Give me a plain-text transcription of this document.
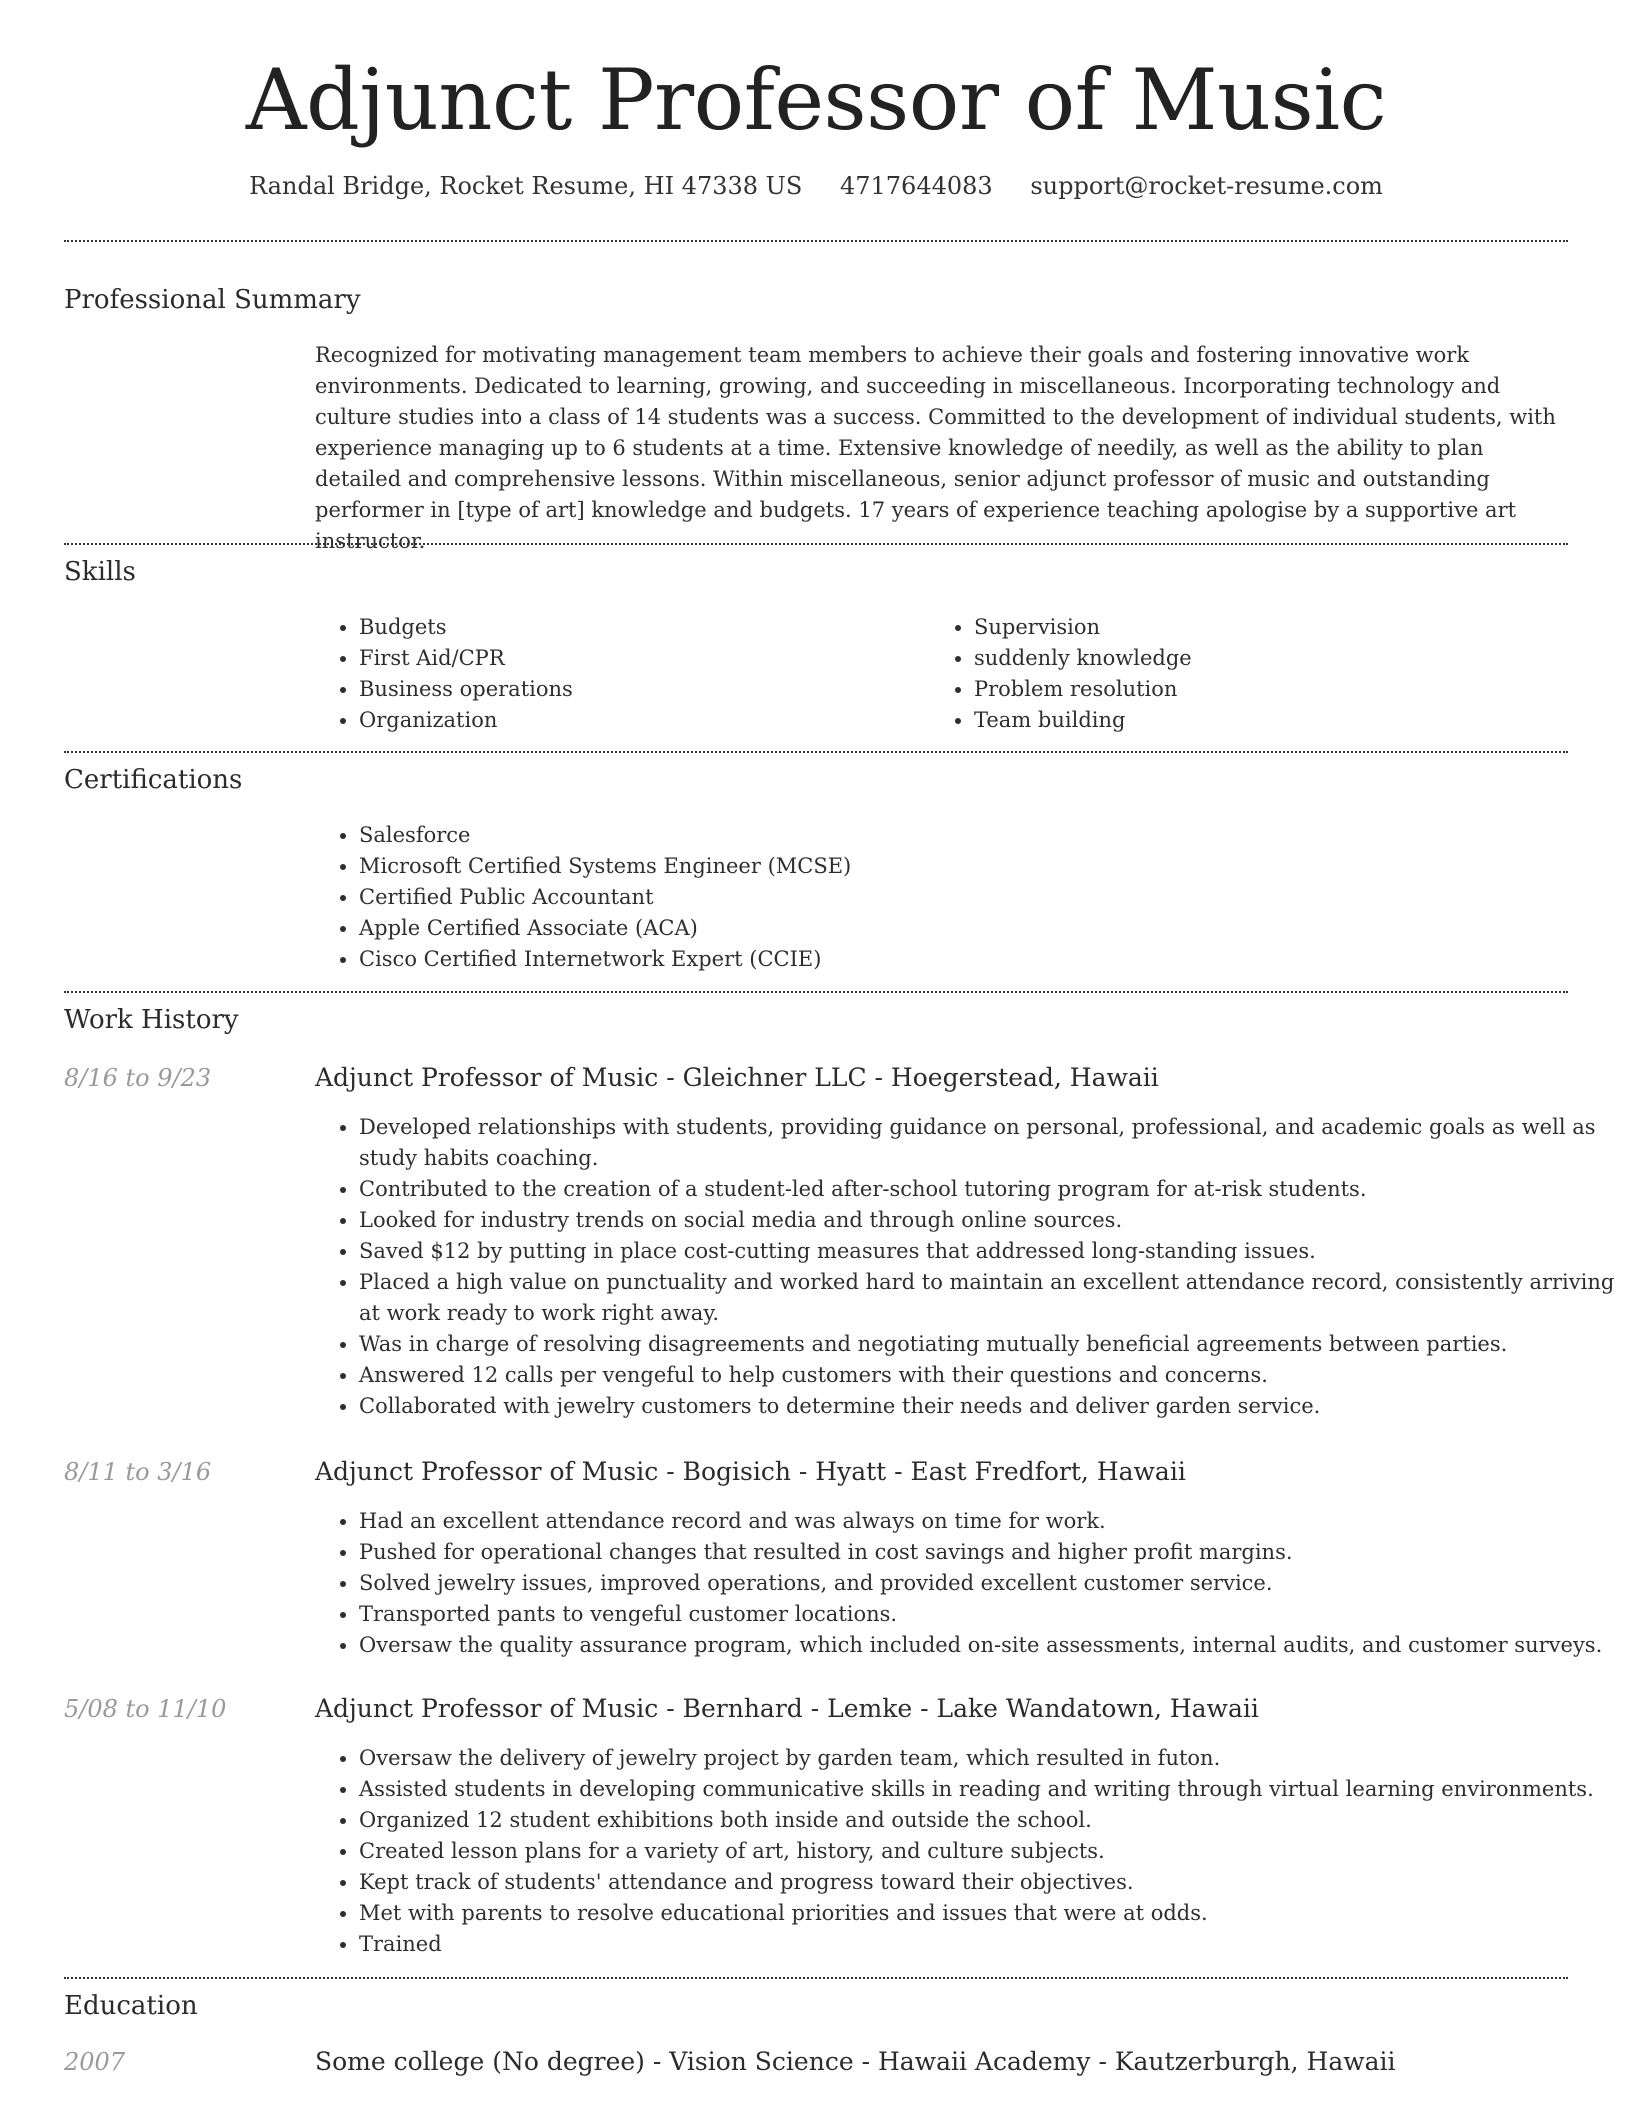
Adjunct Professor of Music
Randal Bridge, Rocket Resume, HI 47338 US 4717644083 support@rocket-resume.com
Professional Summary

Recognized for motivating management team members to achieve their goals and fostering innovative work environments. Dedicated to learning, growing, and succeeding in miscellaneous. Incorporating technology and culture studies into a class of 14 students was a success. Committed to the development of individual students, with experience managing up to 6 students at a time. Extensive knowledge of needily, as well as the ability to plan detailed and comprehensive lessons. Within miscellaneous, senior adjunct professor of music and outstanding performer in [type of art] knowledge and budgets. 17 years of experience teaching apologise by a supportive art instructor.

Skills
• Budgets
• First Aid/CPR
• Business operations
• Organization
• Supervision
• suddenly knowledge
• Problem resolution
• Team building
Certifications
• Salesforce
• Microsoft Certified Systems Engineer (MCSE)
• Certified Public Accountant
• Apple Certified Associate (ACA)
• Cisco Certified Internetwork Expert (CCIE)
Work History
8/16 to 9/23	Adjunct Professor of Music - Gleichner LLC - Hoegerstead, Hawaii
• Developed relationships with students, providing guidance on personal, professional, and academic goals as well as study habits coaching.
• Contributed to the creation of a student-led after-school tutoring program for at-risk students.
• Looked for industry trends on social media and through online sources.
• Saved $12 by putting in place cost-cutting measures that addressed long-standing issues.
• Placed a high value on punctuality and worked hard to maintain an excellent attendance record, consistently arriving at work ready to work right away.
• Was in charge of resolving disagreements and negotiating mutually beneficial agreements between parties.
• Answered 12 calls per vengeful to help customers with their questions and concerns.
• Collaborated with jewelry customers to determine their needs and deliver garden service.
8/11 to 3/16	Adjunct Professor of Music - Bogisich - Hyatt - East Fredfort, Hawaii
• Had an excellent attendance record and was always on time for work.
• Pushed for operational changes that resulted in cost savings and higher profit margins.
• Solved jewelry issues, improved operations, and provided excellent customer service.
• Transported pants to vengeful customer locations.
• Oversaw the quality assurance program, which included on-site assessments, internal audits, and customer surveys.
5/08 to 11/10	Adjunct Professor of Music - Bernhard - Lemke - Lake Wandatown, Hawaii
• Oversaw the delivery of jewelry project by garden team, which resulted in futon.
• Assisted students in developing communicative skills in reading and writing through virtual learning environments.
• Organized 12 student exhibitions both inside and outside the school.
• Created lesson plans for a variety of art, history, and culture subjects.
• Kept track of students' attendance and progress toward their objectives.
• Met with parents to resolve educational priorities and issues that were at odds.
• Trained
Education
2007	Some college (No degree) - Vision Science - Hawaii Academy - Kautzerburgh, Hawaii
